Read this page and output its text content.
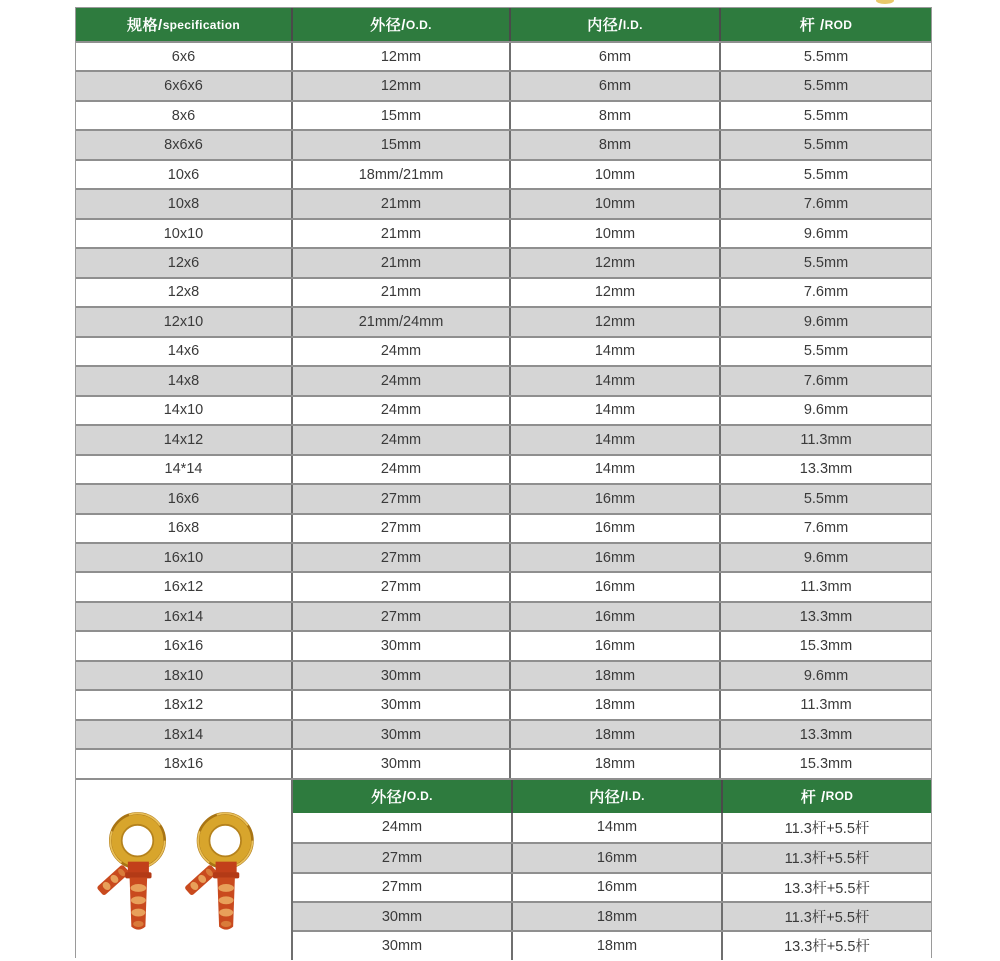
规格/ specification	外径/ O.D.	内径/ I.D.	杆 / ROD
6x6	12mm	6mm	5.5mm
6x6x6	12mm	6mm	5.5mm
8x6	15mm	8mm	5.5mm
8x6x6	15mm	8mm	5.5mm
10x6	18mm/21mm	10mm	5.5mm
10x8	21mm	10mm	7.6mm
10x10	21mm	10mm	9.6mm
12x6	21mm	12mm	5.5mm
12x8	21mm	12mm	7.6mm
12x10	21mm/24mm	12mm	9.6mm
14x6	24mm	14mm	5.5mm
14x8	24mm	14mm	7.6mm
14x10	24mm	14mm	9.6mm
14x12	24mm	14mm	11.3mm
14*14	24mm	14mm	13.3mm
16x6	27mm	16mm	5.5mm
16x8	27mm	16mm	7.6mm
16x10	27mm	16mm	9.6mm
16x12	27mm	16mm	11.3mm
16x14	27mm	16mm	13.3mm
16x16	30mm	16mm	15.3mm
18x10	30mm	18mm	9.6mm
18x12	30mm	18mm	11.3mm
18x14	30mm	18mm	13.3mm
18x16	30mm	18mm	15.3mm
外径/ O.D.	内径/ I.D.	杆 / ROD
24mm	14mm	11.3杆+5.5杆
27mm	16mm	11.3杆+5.5杆
27mm	16mm	13.3杆+5.5杆
30mm	18mm	11.3杆+5.5杆
30mm	18mm	13.3杆+5.5杆
